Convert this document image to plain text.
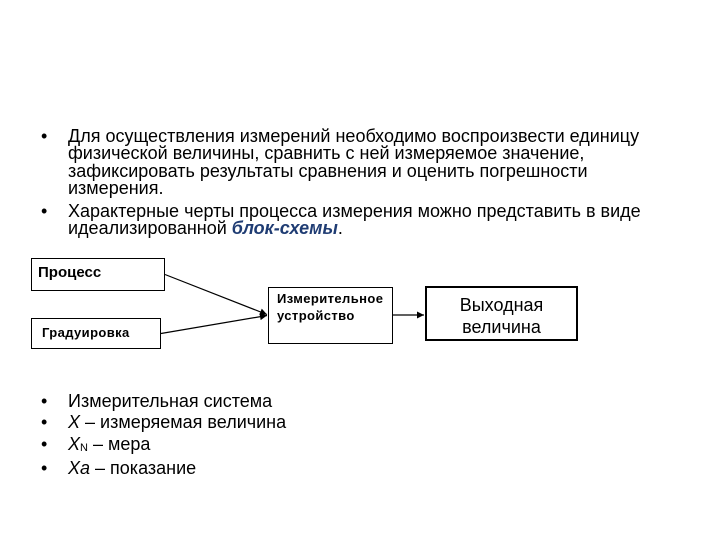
•	Для осуществления измерений необходимо воспроизвести единицу
физической величины, сравнить с ней измеряемое значение,
зафиксировать результаты сравнения и оценить погрешности
измерения.
•	Характерные черты процесса измерения можно представить в виде
идеализированной блок-схемы.
Процесс
Градуировка
Измерительное
устройство
Выходная
величина
•	Измерительная система
•	X – измеряемая величина
•	XN – мера
•	Xa – показание
